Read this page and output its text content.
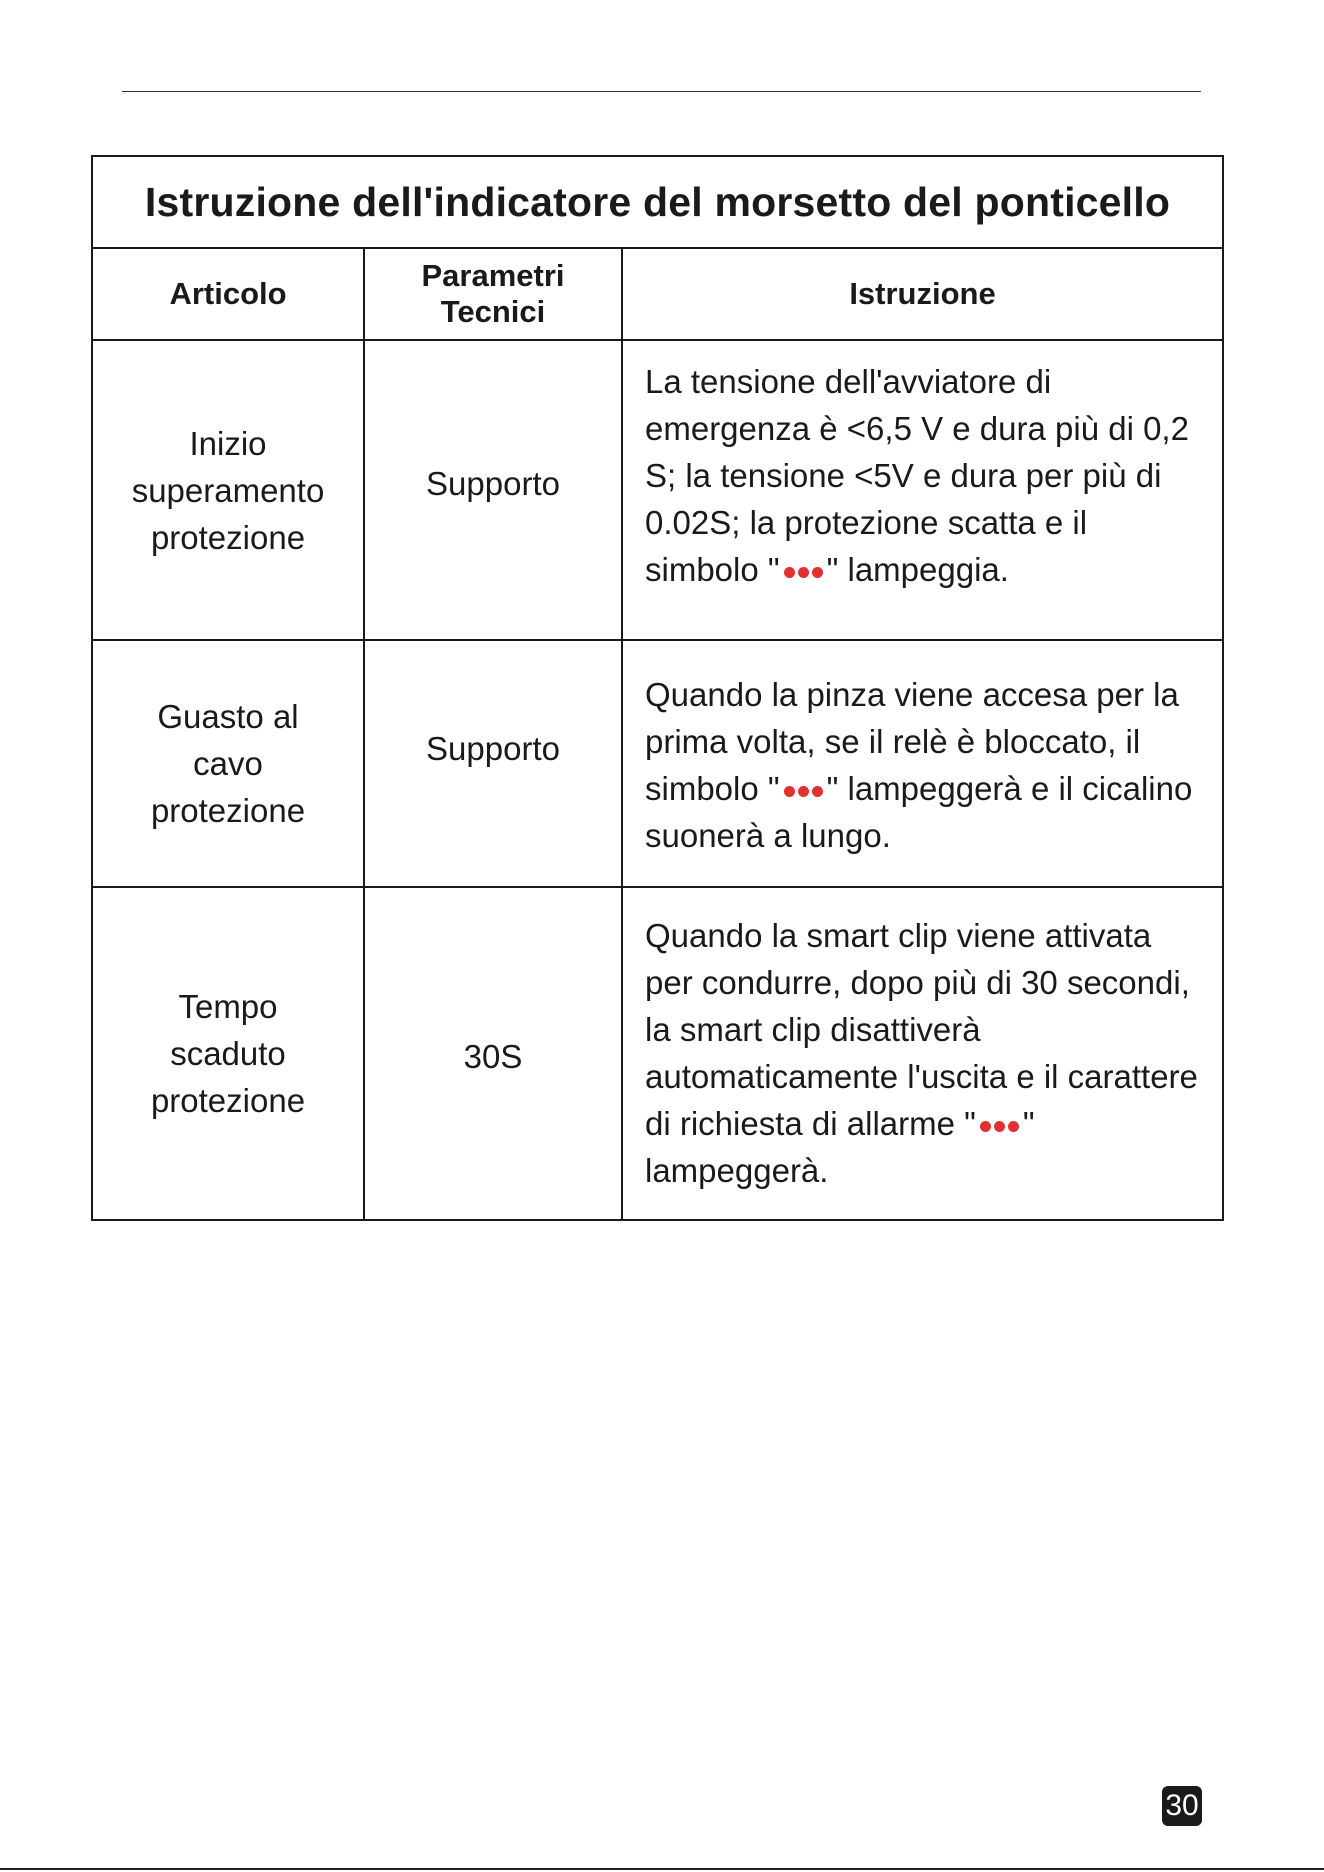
Istruzione dell'indicatore del morsetto del ponticello		
Articolo	Parametri Tecnici	Istruzione
Inizio superamento protezione	Supporto	La tensione dell'avviatore di emergenza è <6,5 V e dura più di 0,2 S; la tensione <5V e dura per più di 0.02S; la protezione scatta e il simbolo " " lampeggia.

Guasto al cavo protezione	Supporto	Quando la pinza viene accesa per la prima volta, se il relè è bloccato, il simbolo " " lampeggerà e il cicalino suonerà a lungo.

Tempo scaduto protezione	30S	Quando la smart clip viene attivata per condurre, dopo più di 30 secondi, la smart clip disattiverà automaticamente l'uscita e il carattere di richiesta di allarme " " lampeggerà.
30
